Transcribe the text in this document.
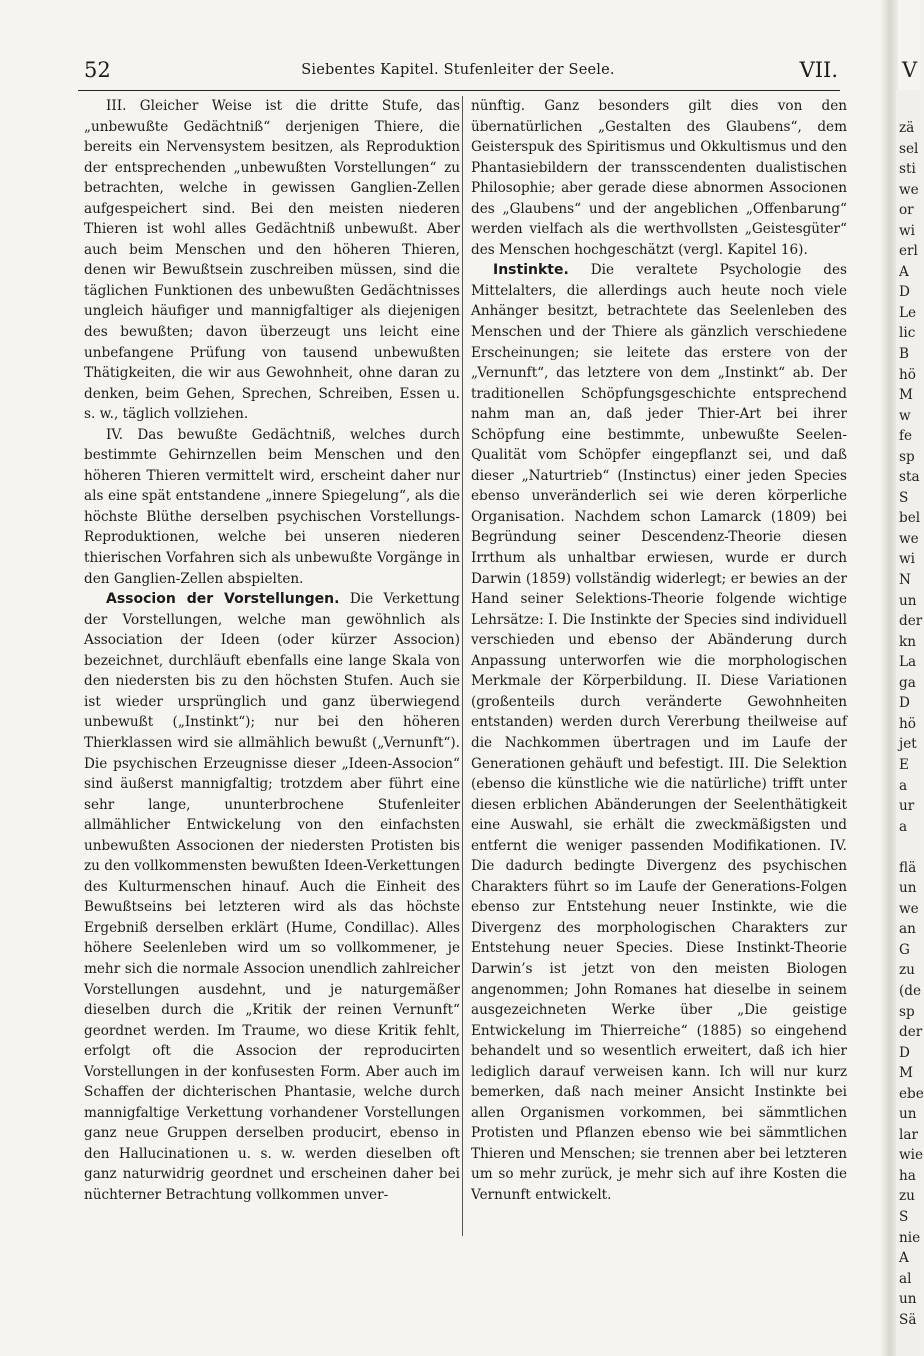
52	Siebentes Kapitel. Stufenleiter der Seele.	VII.

III. Gleicher Weise ist die dritte Stufe, das „unbewußte Gedächtniß“ derjenigen Thiere, die bereits ein Nervensystem besitzen, als Reproduktion der entsprechenden „unbewußten Vorstellungen“ zu betrachten, welche in gewissen Ganglien-Zellen aufgespeichert sind. Bei den meisten niederen Thieren ist wohl alles Gedächtniß unbewußt. Aber auch beim Menschen und den höheren Thieren, denen wir Bewußtsein zuschreiben müssen, sind die täglichen Funktionen des unbewußten Gedächtnisses ungleich häufiger und mannigfaltiger als diejenigen des bewußten; davon überzeugt uns leicht eine unbefangene Prüfung von tausend unbewußten Thätigkeiten, die wir aus Gewohnheit, ohne daran zu denken, beim Gehen, Sprechen, Schreiben, Essen u. s. w., täglich vollziehen.

IV. Das bewußte Gedächtniß, welches durch bestimmte Gehirnzellen beim Menschen und den höheren Thieren vermittelt wird, erscheint daher nur als eine spät entstandene „innere Spiegelung“, als die höchste Blüthe derselben psychischen Vorstellungs-Reproduktionen, welche bei unseren niederen thierischen Vorfahren sich als unbewußte Vorgänge in den Ganglien-Zellen abspielten.

Associon der Vorstellungen. Die Verkettung der Vorstellungen, welche man gewöhnlich als Association der Ideen (oder kürzer Associon) bezeichnet, durchläuft ebenfalls eine lange Skala von den niedersten bis zu den höchsten Stufen. Auch sie ist wieder ursprünglich und ganz überwiegend unbewußt („Instinkt“); nur bei den höheren Thierklassen wird sie allmählich bewußt („Vernunft“). Die psychischen Erzeugnisse dieser „Ideen-Associon“ sind äußerst mannigfaltig; trotzdem aber führt eine sehr lange, ununterbrochene Stufenleiter allmählicher Entwickelung von den einfachsten unbewußten Associonen der niedersten Protisten bis zu den vollkommensten bewußten Ideen-Verkettungen des Kulturmenschen hinauf. Auch die Einheit des Bewußtseins bei letzteren wird als das höchste Ergebniß derselben erklärt (Hume, Condillac). Alles höhere Seelenleben wird um so vollkommener, je mehr sich die normale Associon unendlich zahlreicher Vorstellungen ausdehnt, und je naturgemäßer dieselben durch die „Kritik der reinen Vernunft“ geordnet werden. Im Traume, wo diese Kritik fehlt, erfolgt oft die Associon der reproducirten Vorstellungen in der konfusesten Form. Aber auch im Schaffen der dichterischen Phantasie, welche durch mannigfaltige Verkettung vorhandener Vorstellungen ganz neue Gruppen derselben producirt, ebenso in den Hallucinationen u. s. w. werden dieselben oft ganz naturwidrig geordnet und erscheinen daher bei nüchterner Betrachtung vollkommen unver-

nünftig. Ganz besonders gilt dies von den übernatürlichen „Gestalten des Glaubens“, dem Geisterspuk des Spiritismus und Okkultismus und den Phantasiebildern der transscendenten dualistischen Philosophie; aber gerade diese abnormen Associonen des „Glaubens“ und der angeblichen „Offenbarung“ werden vielfach als die werthvollsten „Geistesgüter“ des Menschen hochgeschätzt (vergl. Kapitel 16).

Instinkte. Die veraltete Psychologie des Mittelalters, die allerdings auch heute noch viele Anhänger besitzt, betrachtete das Seelenleben des Menschen und der Thiere als gänzlich verschiedene Erscheinungen; sie leitete das erstere von der „Vernunft“, das letztere von dem „Instinkt“ ab. Der traditionellen Schöpfungsgeschichte entsprechend nahm man an, daß jeder Thier-Art bei ihrer Schöpfung eine bestimmte, unbewußte Seelen-Qualität vom Schöpfer eingepflanzt sei, und daß dieser „Naturtrieb“ (Instinctus) einer jeden Species ebenso unveränderlich sei wie deren körperliche Organisation. Nachdem schon Lamarck (1809) bei Begründung seiner Descendenz-Theorie diesen Irrthum als unhaltbar erwiesen, wurde er durch Darwin (1859) vollständig widerlegt; er bewies an der Hand seiner Selektions-Theorie folgende wichtige Lehrsätze: I. Die Instinkte der Species sind individuell verschieden und ebenso der Abänderung durch Anpassung unterworfen wie die morphologischen Merkmale der Körperbildung. II. Diese Variationen (großenteils durch veränderte Gewohnheiten entstanden) werden durch Vererbung theilweise auf die Nachkommen übertragen und im Laufe der Generationen gehäuft und befestigt. III. Die Selektion (ebenso die künstliche wie die natürliche) trifft unter diesen erblichen Abänderungen der Seelenthätigkeit eine Auswahl, sie erhält die zweckmäßigsten und entfernt die weniger passenden Modifikationen. IV. Die dadurch bedingte Divergenz des psychischen Charakters führt so im Laufe der Generations-Folgen ebenso zur Entstehung neuer Instinkte, wie die Divergenz des morphologischen Charakters zur Entstehung neuer Species. Diese Instinkt-Theorie Darwin’s ist jetzt von den meisten Biologen angenommen; John Romanes hat dieselbe in seinem ausgezeichneten Werke über „Die geistige Entwickelung im Thierreiche“ (1885) so eingehend behandelt und so wesentlich erweitert, daß ich hier lediglich darauf verweisen kann. Ich will nur kurz bemerken, daß nach meiner Ansicht Instinkte bei allen Organismen vorkommen, bei sämmtlichen Protisten und Pflanzen ebenso wie bei sämmtlichen Thieren und Menschen; sie trennen aber bei letzteren um so mehr zurück, je mehr sich auf ihre Kosten die Vernunft entwickelt.

V
zä
sel
sti
we
or
wi
erl
A
D
Le
lic
B
hö
M
w
fe
sp
sta
S
bel
we
wi
N
un
der
kn
La
ga
D
hö
jet
E
a
ur
a

flä
un
we
an
G
zu
(de
sp
der
D
M
ebe
un
lar
wie
ha
zu
S
nie
A
al
un
Sä
